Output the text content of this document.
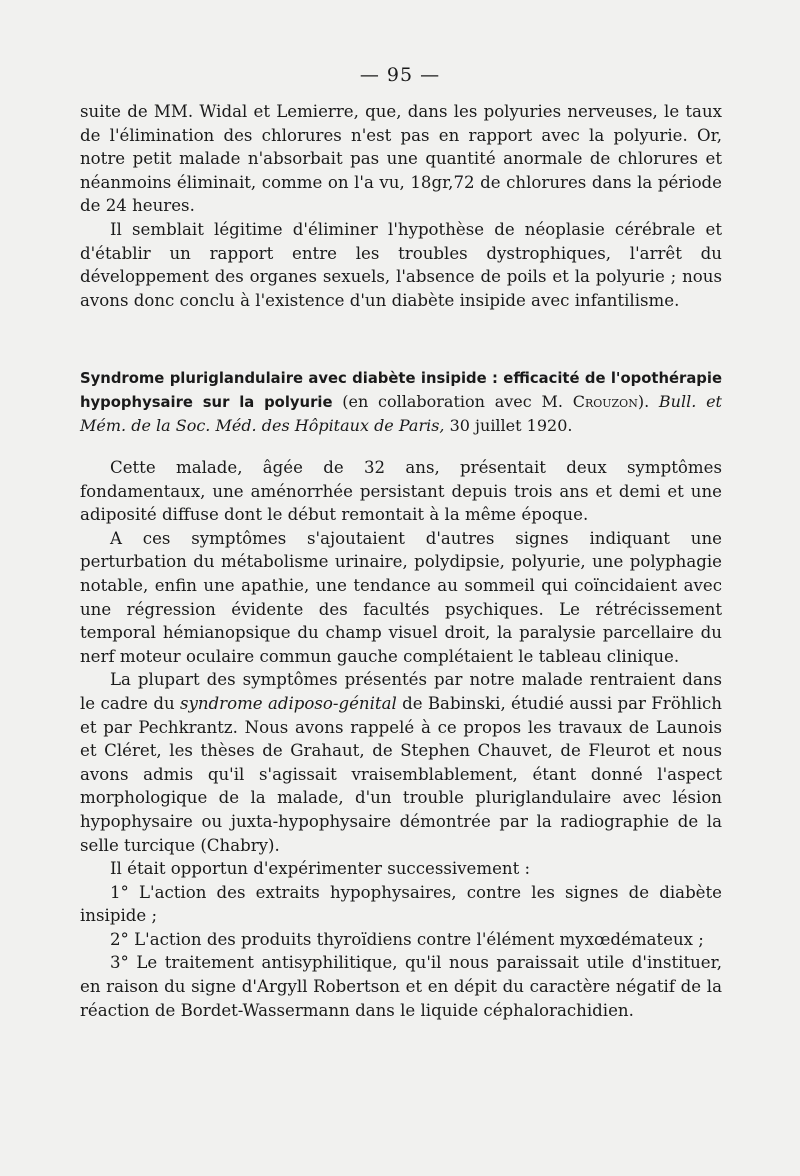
— 95 —

suite de MM. Widal et Lemierre, que, dans les polyuries nerveuses, le taux de l'élimination des chlorures n'est pas en rapport avec la polyurie. Or, notre petit malade n'absorbait pas une quantité anormale de chlorures et néanmoins éliminait, comme on l'a vu, 18gr,72 de chlorures dans la période de 24 heures.

Il semblait légitime d'éliminer l'hypothèse de néoplasie cérébrale et d'établir un rapport entre les troubles dystrophiques, l'arrêt du développement des organes sexuels, l'absence de poils et la polyurie ; nous avons donc conclu à l'existence d'un diabète insipide avec infantilisme.

Syndrome pluriglandulaire avec diabète insipide : efficacité de l'opothérapie hypophysaire sur la polyurie (en collaboration avec M. Crouzon). Bull. et Mém. de la Soc. Méd. des Hôpitaux de Paris, 30 juillet 1920.

Cette malade, âgée de 32 ans, présentait deux symptômes fondamentaux, une aménorrhée persistant depuis trois ans et demi et une adiposité diffuse dont le début remontait à la même époque.

A ces symptômes s'ajoutaient d'autres signes indiquant une perturbation du métabolisme urinaire, polydipsie, polyurie, une polyphagie notable, enfin une apathie, une tendance au sommeil qui coïncidaient avec une régression évidente des facultés psychiques. Le rétrécissement temporal hémianopsique du champ visuel droit, la paralysie parcellaire du nerf moteur oculaire commun gauche complétaient le tableau clinique.

La plupart des symptômes présentés par notre malade rentraient dans le cadre du syndrome adiposo-génital de Babinski, étudié aussi par Fröhlich et par Pechkrantz. Nous avons rappelé à ce propos les travaux de Launois et Cléret, les thèses de Grahaut, de Stephen Chauvet, de Fleurot et nous avons admis qu'il s'agissait vraisemblablement, étant donné l'aspect morphologique de la malade, d'un trouble pluriglandulaire avec lésion hypophysaire ou juxta-hypophysaire démontrée par la radiographie de la selle turcique (Chabry).

Il était opportun d'expérimenter successivement :

1° L'action des extraits hypophysaires, contre les signes de diabète insipide ;

2° L'action des produits thyroïdiens contre l'élément myxœdémateux ;

3° Le traitement antisyphilitique, qu'il nous paraissait utile d'instituer, en raison du signe d'Argyll Robertson et en dépit du caractère négatif de la réaction de Bordet-Wassermann dans le liquide céphalorachidien.
